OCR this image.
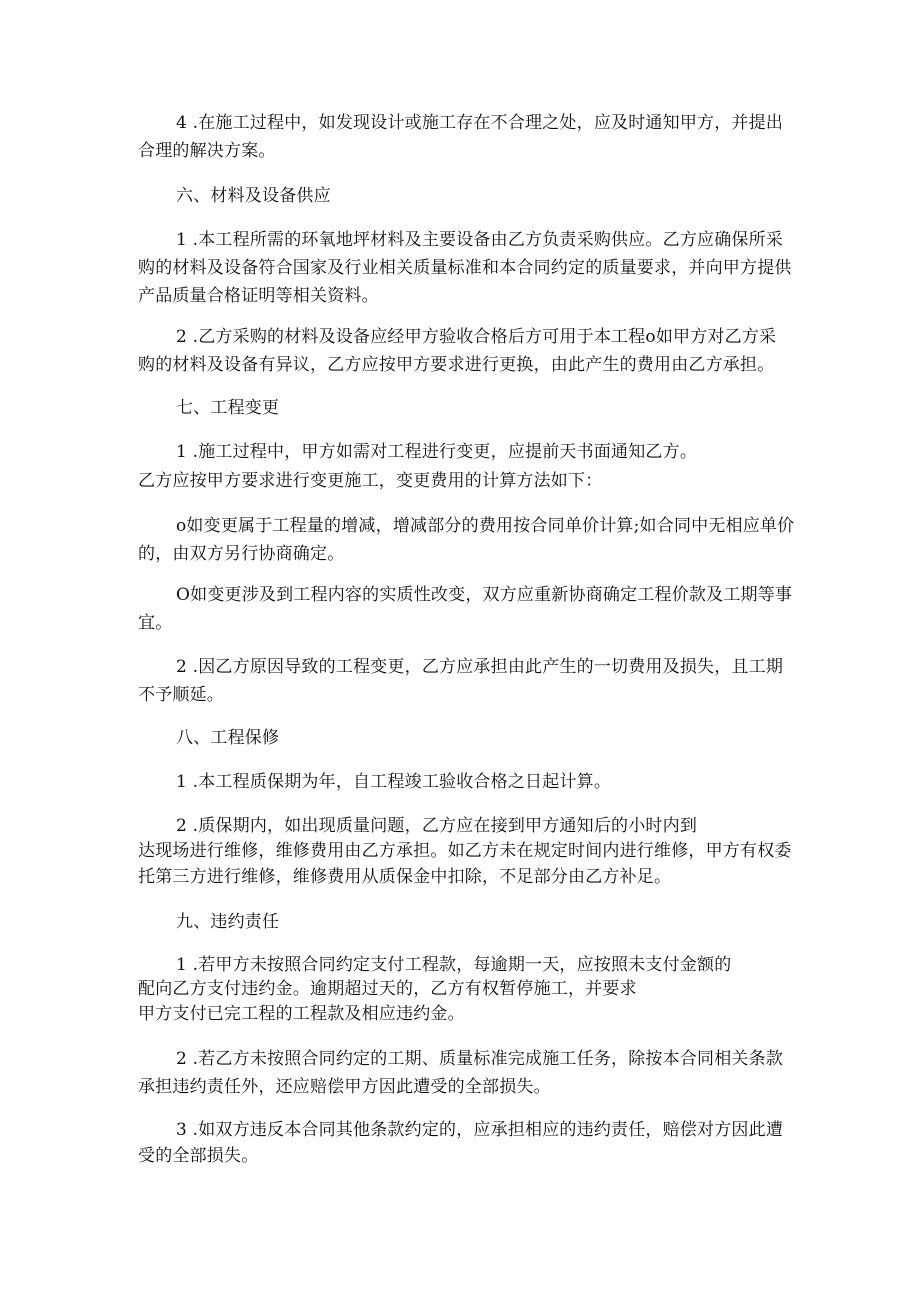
4 .在施工过程中，如发现设计或施工存在不合理之处，应及时通知甲方，并提出
合理的解决方案。
六、材料及设备供应
1 .本工程所需的环氧地坪材料及主要设备由乙方负责采购供应。乙方应确保所采
购的材料及设备符合国家及行业相关质量标准和本合同约定的质量要求，并向甲方提供
产品质量合格证明等相关资料。
2 .乙方采购的材料及设备应经甲方验收合格后方可用于本工程o如甲方对乙方采
购的材料及设备有异议，乙方应按甲方要求进行更换，由此产生的费用由乙方承担。
七、工程变更
1 .施工过程中，甲方如需对工程进行变更，应提前天书面通知乙方。
乙方应按甲方要求进行变更施工，变更费用的计算方法如下：
o如变更属于工程量的增减，增减部分的费用按合同单价计算;如合同中无相应单价
的，由双方另行协商确定。
O如变更涉及到工程内容的实质性改变，双方应重新协商确定工程价款及工期等事
宜。
2 .因乙方原因导致的工程变更，乙方应承担由此产生的一切费用及损失，且工期
不予顺延。
八、工程保修
1 .本工程质保期为年，自工程竣工验收合格之日起计算。
2 .质保期内，如出现质量问题，乙方应在接到甲方通知后的小时内到
达现场进行维修，维修费用由乙方承担。如乙方未在规定时间内进行维修，甲方有权委
托第三方进行维修，维修费用从质保金中扣除，不足部分由乙方补足。
九、违约责任
1 .若甲方未按照合同约定支付工程款，每逾期一天，应按照未支付金额的
配向乙方支付违约金。逾期超过天的，乙方有权暂停施工，并要求
甲方支付已完工程的工程款及相应违约金。
2 .若乙方未按照合同约定的工期、质量标准完成施工任务，除按本合同相关条款
承担违约责任外，还应赔偿甲方因此遭受的全部损失。
3 .如双方违反本合同其他条款约定的，应承担相应的违约责任，赔偿对方因此遭
受的全部损失。
